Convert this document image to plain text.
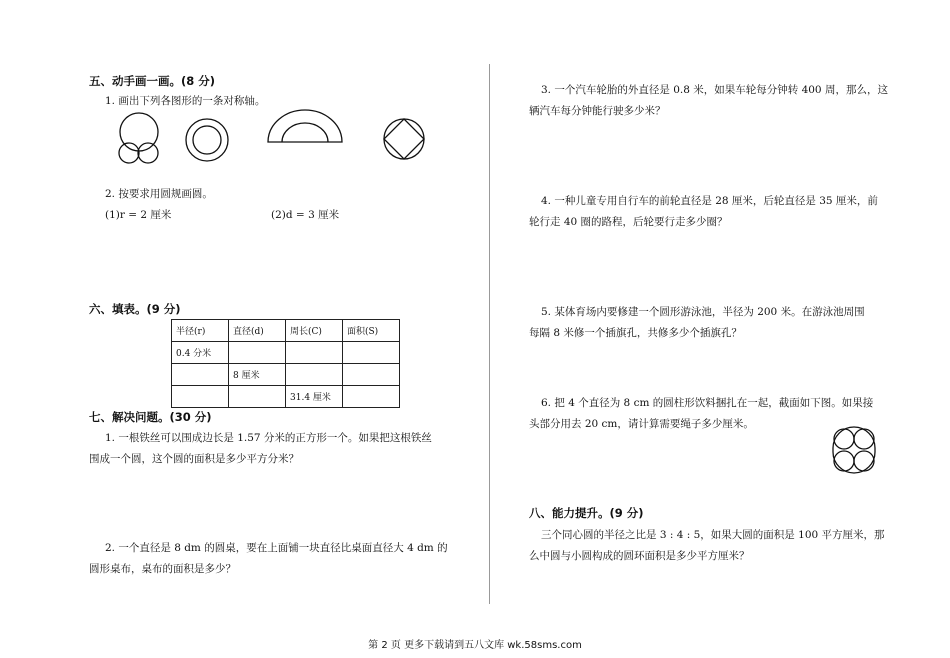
五、动手画一画。(8 分)
1. 画出下列各图形的一条对称轴。
2. 按要求用圆规画圆。
(1)r = 2 厘米	(2)d = 3 厘米
六、填表。(9 分)
半径(r)	直径(d)	周长(C)	面积(S)
0.4 分米			
	8 厘米		
		31.4 厘米	
七、解决问题。(30 分)
1. 一根铁丝可以围成边长是 1.57 分米的正方形一个。如果把这根铁丝
围成一个圆，这个圆的面积是多少平方分米？
2. 一个直径是 8 dm 的圆桌，要在上面铺一块直径比桌面直径大 4 dm 的
圆形桌布，桌布的面积是多少？
3. 一个汽车轮胎的外直径是 0.8 米，如果车轮每分钟转 400 周，那么，这
辆汽车每分钟能行驶多少米？
4. 一种儿童专用自行车的前轮直径是 28 厘米，后轮直径是 35 厘米，前
轮行走 40 圈的路程，后轮要行走多少圈？
5. 某体育场内要修建一个圆形游泳池，半径为 200 米。在游泳池周围
每隔 8 米修一个插旗孔，共修多少个插旗孔？
6. 把 4 个直径为 8 cm 的圆柱形饮料捆扎在一起，截面如下图。如果接
头部分用去 20 cm，请计算需要绳子多少厘米。
八、能力提升。(9 分)
三个同心圆的半径之比是 3 : 4 : 5，如果大圆的面积是 100 平方厘米，那
么中圆与小圆构成的圆环面积是多少平方厘米？
第 2 页 更多下载请到五八文库 wk.58sms.com
